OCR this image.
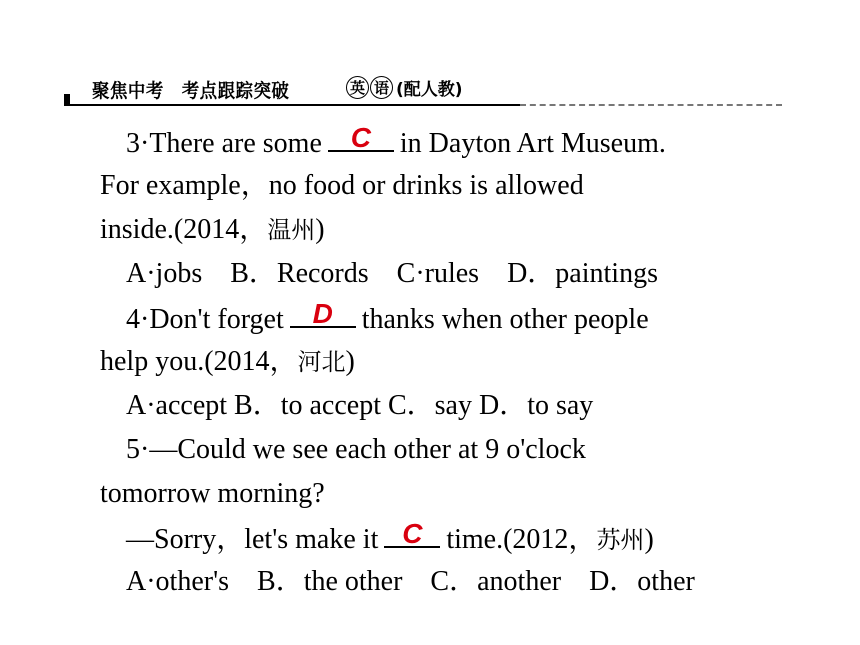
聚焦中考　考点跟踪突破	英 语 (配人教)
3·There are some	C	in Dayton Art Museum.
For example，no food or drinks is allowed
inside.(2014，温州)
A·jobs　B．Records　C·rules　D．paintings
4·Don't forget	D	thanks when other people
help you.(2014，河北)
A·accept B．to accept C．say D．to say
5·—Could we see each other at 9 o'clock
tomorrow morning?
—Sorry，let's make it C time.(2012，苏州)
A·other's　B．the other　C．another　D．other
